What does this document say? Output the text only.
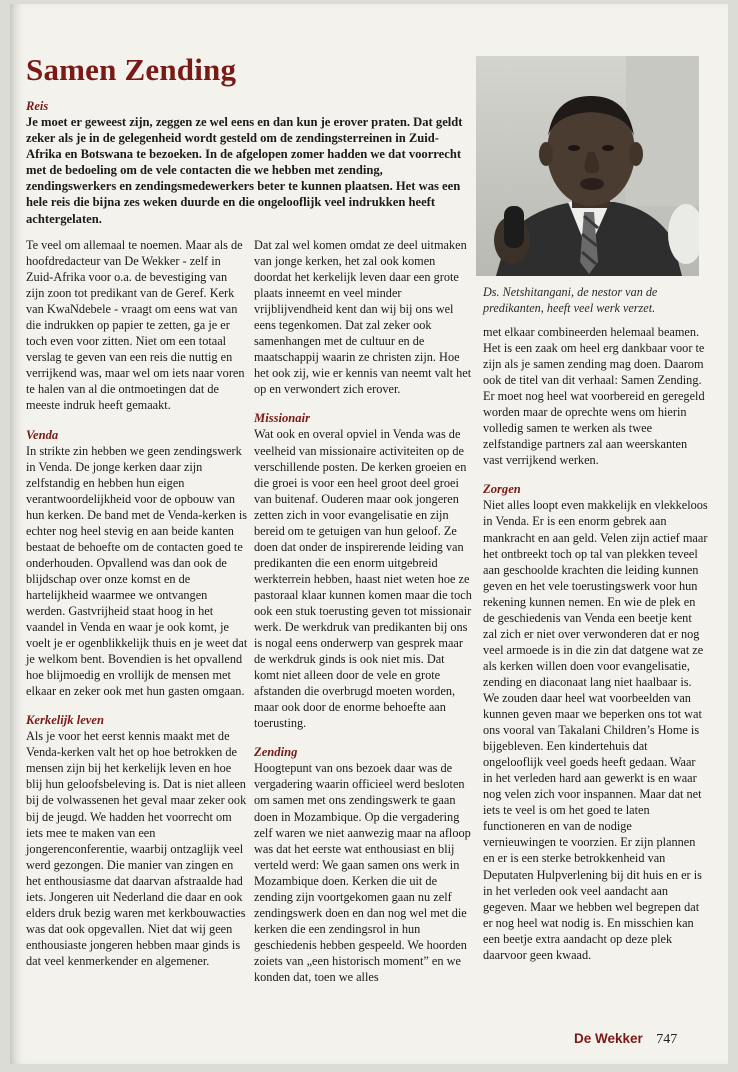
Samen Zending
Reis

Je moet er geweest zijn, zeggen ze wel eens en dan kun je erover praten. Dat geldt zeker als je in de gelegenheid wordt gesteld om de zendingsterreinen in Zuid-Afrika en Botswana te bezoeken. In de afgelopen zomer hadden we dat voorrecht met de bedoeling om de vele contacten die we hebben met zending, zendingswerkers en zendingsmedewerkers beter te kunnen plaatsen. Het was een hele reis die bijna zes weken duurde en die ongelooflijk veel indrukken heeft achtergelaten.

Ds. Netshitangani, de nestor van de predikanten, heeft veel werk verzet.

Te veel om allemaal te noemen. Maar als de hoofdredacteur van De Wekker - zelf in Zuid-Afrika voor o.a. de bevestiging van zijn zoon tot predikant van de Geref. Kerk van KwaNdebele - vraagt om eens wat van die indrukken op papier te zetten, ga je er toch even voor zitten. Niet om een totaal verslag te geven van een reis die nuttig en verrijkend was, maar wel om iets naar voren te halen van al die ontmoetingen dat de meeste indruk heeft gemaakt.

Venda

In strikte zin hebben we geen zendingswerk in Venda. De jonge kerken daar zijn zelfstandig en hebben hun eigen verantwoordelijkheid voor de opbouw van hun kerken. De band met de Venda-kerken is echter nog heel stevig en aan beide kanten bestaat de behoefte om de contacten goed te onderhouden. Opvallend was dan ook de blijdschap over onze komst en de hartelijkheid waarmee we ontvangen werden. Gastvrijheid staat hoog in het vaandel in Venda en waar je ook komt, je voelt je er ogenblikkelijk thuis en je weet dat je welkom bent. Bovendien is het opvallend hoe blijmoedig en vrollijk de mensen met elkaar en zeker ook met hun gasten omgaan.

Kerkelijk leven

Als je voor het eerst kennis maakt met de Venda-kerken valt het op hoe betrokken de mensen zijn bij het kerkelijk leven en hoe blij hun geloofsbeleving is. Dat is niet alleen bij de volwassenen het geval maar zeker ook bij de jeugd. We hadden het voorrecht om iets mee te maken van een jongerenconferentie, waarbij ontzaglijk veel werd gezongen. Die manier van zingen en het enthousiasme dat daarvan afstraalde had iets. Jongeren uit Nederland die daar en ook elders druk bezig waren met kerkbouwacties was dat ook opgevallen. Niet dat wij geen enthousiaste jongeren hebben maar ginds is dat veel kenmerkender en algemener.

Dat zal wel komen omdat ze deel uitmaken van jonge kerken, het zal ook komen doordat het kerkelijk leven daar een grote plaats inneemt en veel minder vrijblijvendheid kent dan wij bij ons wel eens tegenkomen. Dat zal zeker ook samenhangen met de cultuur en de maatschappij waarin ze christen zijn. Hoe het ook zij, wie er kennis van neemt valt het op en verwondert zich erover.

Missionair

Wat ook en overal opviel in Venda was de veelheid van missionaire activiteiten op de verschillende posten. De kerken groeien en die groei is voor een heel groot deel groei van buitenaf. Ouderen maar ook jongeren zetten zich in voor evangelisatie en zijn bereid om te getuigen van hun geloof. Ze doen dat onder de inspirerende leiding van predikanten die een enorm uitgebreid werkterrein hebben, haast niet weten hoe ze pastoraal klaar kunnen komen maar die toch ook een stuk toerusting geven tot missionair werk. De werkdruk van predikanten bij ons is nogal eens onderwerp van gesprek maar de werkdruk ginds is ook niet mis. Dat komt niet alleen door de vele en grote afstanden die overbrugd moeten worden, maar ook door de enorme behoefte aan toerusting.

Zending

Hoogtepunt van ons bezoek daar was de vergadering waarin officieel werd besloten om samen met ons zendingswerk te gaan doen in Mozambique. Op die vergadering zelf waren we niet aanwezig maar na afloop was dat het eerste wat enthousiast en blij verteld werd: We gaan samen ons werk in Mozambique doen. Kerken die uit de zending zijn voortgekomen gaan nu zelf zendingswerk doen en dan nog wel met die kerken die een zendingsrol in hun geschiedenis hebben gespeeld. We hoorden zoiets van „een historisch moment” en we konden dat, toen we alles

met elkaar combineerden helemaal beamen. Het is een zaak om heel erg dankbaar voor te zijn als je samen zending mag doen. Daarom ook de titel van dit verhaal: Samen Zending. Er moet nog heel wat voorbereid en geregeld worden maar de oprechte wens om hierin volledig samen te werken als twee zelfstandige partners zal aan weerskanten vast verrijkend werken.

Zorgen

Niet alles loopt even makkelijk en vlekkeloos in Venda. Er is een enorm gebrek aan mankracht en aan geld. Velen zijn actief maar het ontbreekt toch op tal van plekken teveel aan geschoolde krachten die leiding kunnen geven en het vele toerustingswerk voor hun rekening kunnen nemen. En wie de plek en de geschiedenis van Venda een beetje kent zal zich er niet over verwonderen dat er nog veel armoede is in die zin dat datgene wat ze als kerken willen doen voor evangelisatie, zending en diaconaat lang niet haalbaar is. We zouden daar heel wat voorbeelden van kunnen geven maar we beperken ons tot wat ons vooral van Takalani Children’s Home is bijgebleven. Een kindertehuis dat ongelooflijk veel goeds heeft gedaan. Waar in het verleden hard aan gewerkt is en waar nog velen zich voor inspannen. Maar dat net iets te veel is om het goed te laten functioneren en van de nodige vernieuwingen te voorzien. Er zijn plannen en er is een sterke betrokkenheid van Deputaten Hulpverlening bij dit huis en er is in het verleden ook veel aandacht aan gegeven. Maar we hebben wel begrepen dat er nog heel wat nodig is. En misschien kan een beetje extra aandacht op deze plek daarvoor geen kwaad.

De Wekker 747
